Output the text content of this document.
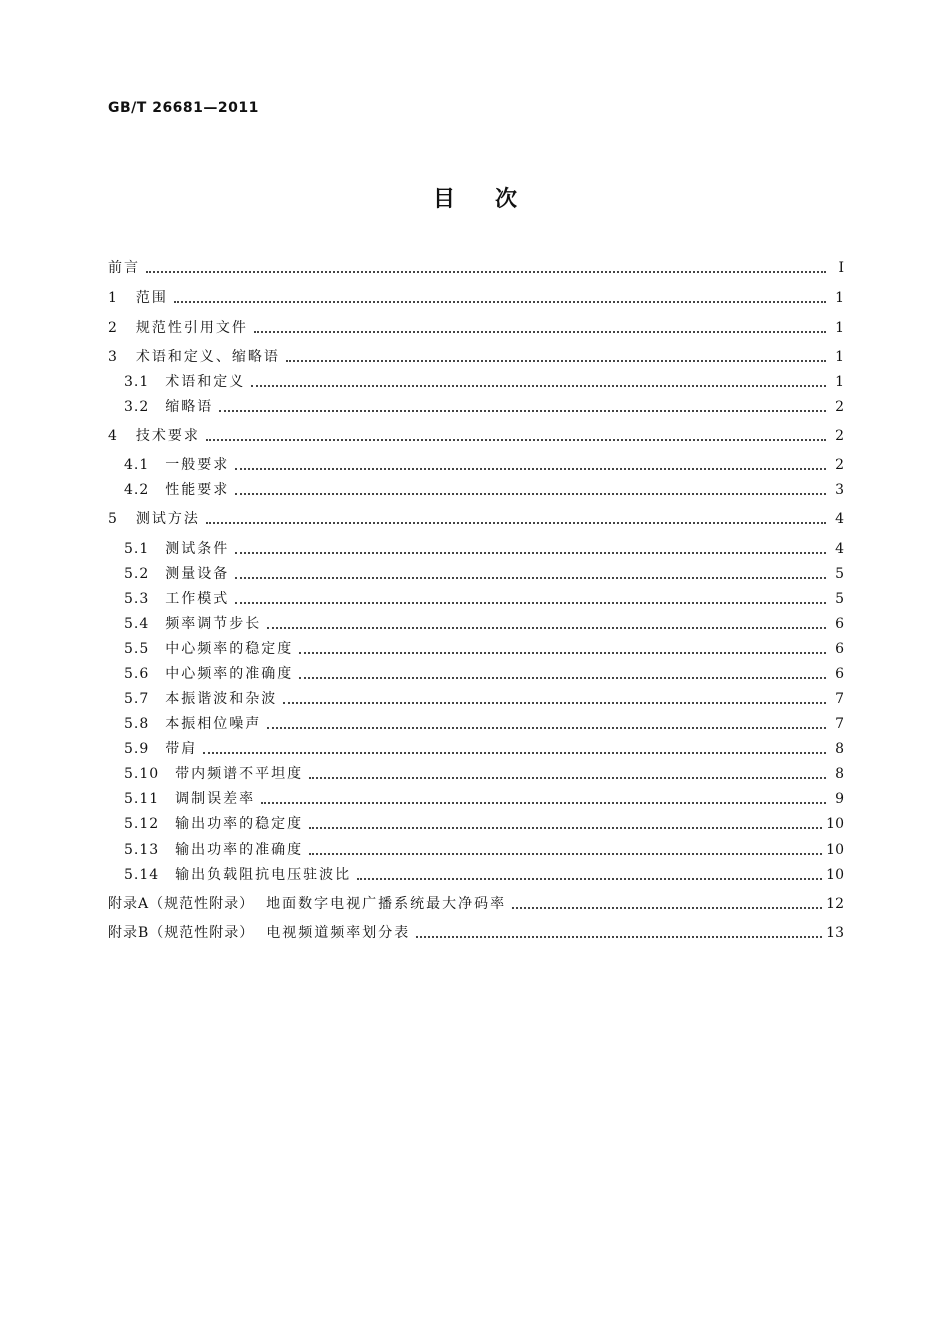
GB/T 26681—2011
目次
前言	Ⅰ
1 范围	1
2 规范性引用文件	1
3 术语和定义、缩略语	1
3.1 术语和定义	1
3.2 缩略语	2
4 技术要求	2
4.1 一般要求	2
4.2 性能要求	3
5 测试方法	4
5.1 测试条件	4
5.2 测量设备	5
5.3 工作模式	5
5.4 频率调节步长	6
5.5 中心频率的稳定度	6
5.6 中心频率的准确度	6
5.7 本振谐波和杂波	7
5.8 本振相位噪声	7
5.9 带肩	8
5.10 带内频谱不平坦度	8
5.11 调制误差率	9
5.12 输出功率的稳定度	10
5.13 输出功率的准确度	10
5.14 输出负载阻抗电压驻波比	10
附录A（规范性附录） 地面数字电视广播系统最大净码率	12
附录B（规范性附录） 电视频道频率划分表	13
